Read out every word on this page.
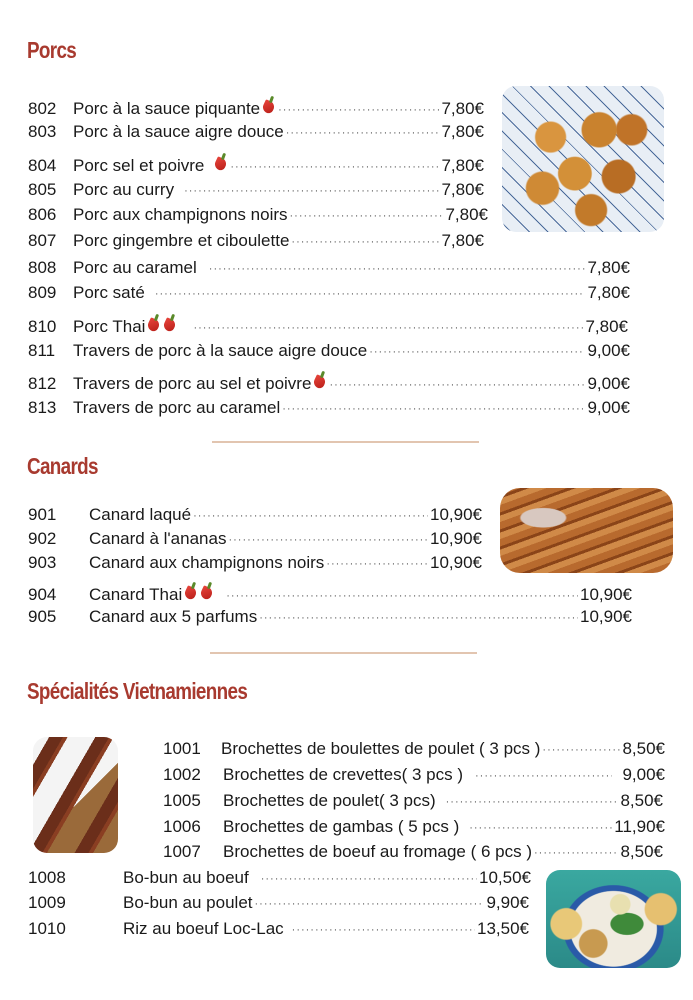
Porcs
802 Porc à la sauce piquante ·····	7,80€
803 Porc à la sauce aigre douce ·····	7,80€
804 Porc sel et poivre ·····	7,80€
805 Porc au curry ·····	7,80€
806 Porc aux champignons noirs ·····	7,80€
807 Porc gingembre et ciboulette ·····	7,80€
808 Porc au caramel ·····	7,80€
809 Porc saté ·····	7,80€
810 Porc Thai ·····	7,80€
811	Travers de porc à la sauce aigre douce ·····	9,00€
812 Travers de porc au sel et poivre ·····	9,00€
813 Travers de porc au caramel ·····	9,00€
Canards
901	Canard laqué ·····	10,90€
902	Canard à l'ananas ·····	10,90€
903	Canard aux champignons noirs ·····	10,90€
904	Canard Thai ·····	10,90€
905	Canard aux 5 parfums ·····	10,90€
Spécialités Vietnamiennes
1001	Brochettes de boulettes de poulet ( 3 pcs ) ·····	8,50€
1002	Brochettes de crevettes( 3 pcs ) ·····	9,00€
1005	Brochettes de poulet( 3 pcs) ·····	8,50€
1006	Brochettes de gambas ( 5 pcs ) ·····	11,90€
1007	Brochettes de boeuf au fromage ( 6 pcs ) ·····	8,50€
1008	Bo-bun au boeuf ·····	10,50€
1009	Bo-bun au poulet ·····	9,90€
1010	Riz au boeuf Loc-Lac ·····	13,50€
